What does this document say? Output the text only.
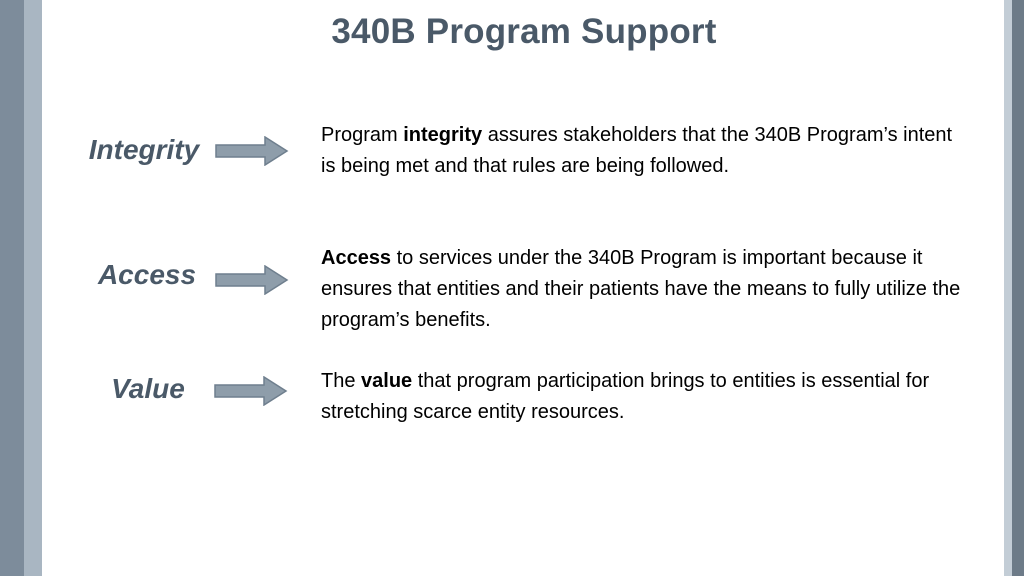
340B Program Support
Integrity	Program integrity assures stakeholders that the 340B Program’s intent is being met and that rules are being followed.
Access
Access to services under the 340B Program is important because it ensures that entities and their patients have the means to fully utilize the program’s benefits.
Value	The value that program participation brings to entities is essential for stretching scarce entity resources.
